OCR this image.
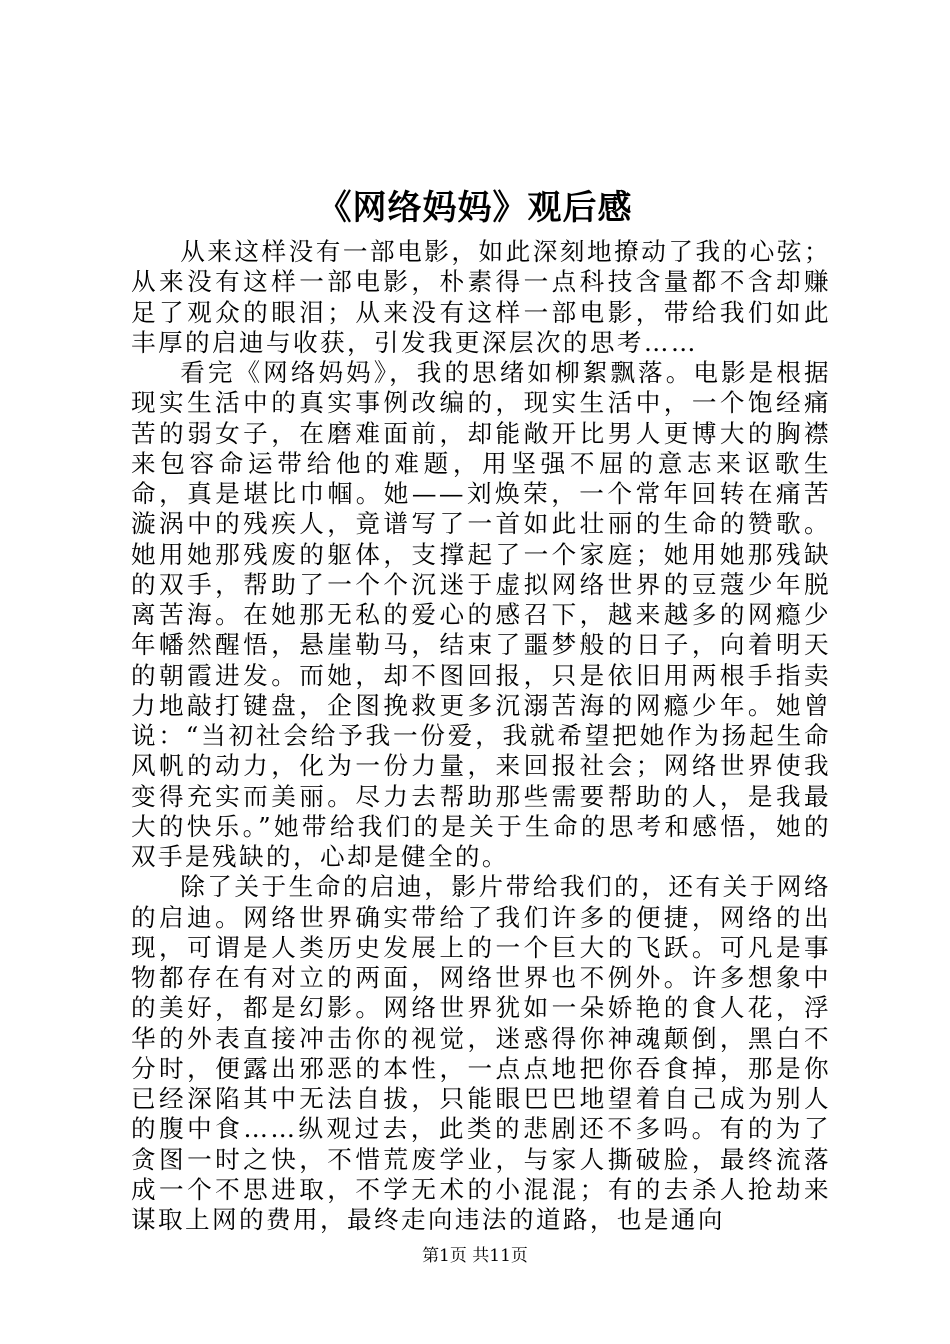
《网络妈妈》观后感

从来这样没有一部电影，如此深刻地撩动了我的心弦；从来没有这样一部电影，朴素得一点科技含量都不含却赚足了观众的眼泪；从来没有这样一部电影，带给我们如此丰厚的启迪与收获，引发我更深层次的思考……

看完《网络妈妈》，我的思绪如柳絮飘落。电影是根据现实生活中的真实事例改编的，现实生活中，一个饱经痛苦的弱女子，在磨难面前，却能敞开比男人更博大的胸襟来包容命运带给他的难题，用坚强不屈的意志来讴歌生命，真是堪比巾帼。她——刘焕荣，一个常年回转在痛苦漩涡中的残疾人，竟谱写了一首如此壮丽的生命的赞歌。她用她那残废的躯体，支撑起了一个家庭；她用她那残缺的双手，帮助了一个个沉迷于虚拟网络世界的豆蔻少年脱离苦海。在她那无私的爱心的感召下，越来越多的网瘾少年幡然醒悟，悬崖勒马，结束了噩梦般的日子，向着明天的朝霞进发。而她，却不图回报，只是依旧用两根手指卖力地敲打键盘，企图挽救更多沉溺苦海的网瘾少年。她曾说：“当初社会给予我一份爱，我就希望把她作为扬起生命风帆的动力，化为一份力量，来回报社会；网络世界使我变得充实而美丽。尽力去帮助那些需要帮助的人，是我最大的快乐。”她带给我们的是关于生命的思考和感悟，她的双手是残缺的，心却是健全的。

除了关于生命的启迪，影片带给我们的，还有关于网络的启迪。网络世界确实带给了我们许多的便捷，网络的出现，可谓是人类历史发展上的一个巨大的飞跃。可凡是事物都存在有对立的两面，网络世界也不例外。许多想象中的美好，都是幻影。网络世界犹如一朵娇艳的食人花，浮华的外表直接冲击你的视觉，迷惑得你神魂颠倒，黑白不分时，便露出邪恶的本性，一点点地把你吞食掉，那是你已经深陷其中无法自拔，只能眼巴巴地望着自己成为别人的腹中食……纵观过去，此类的悲剧还不多吗。有的为了贪图一时之快，不惜荒废学业，与家人撕破脸，最终流落成一个不思进取，不学无术的小混混；有的去杀人抢劫来谋取上网的费用，最终走向违法的道路，也是通向

第1页 共11页
